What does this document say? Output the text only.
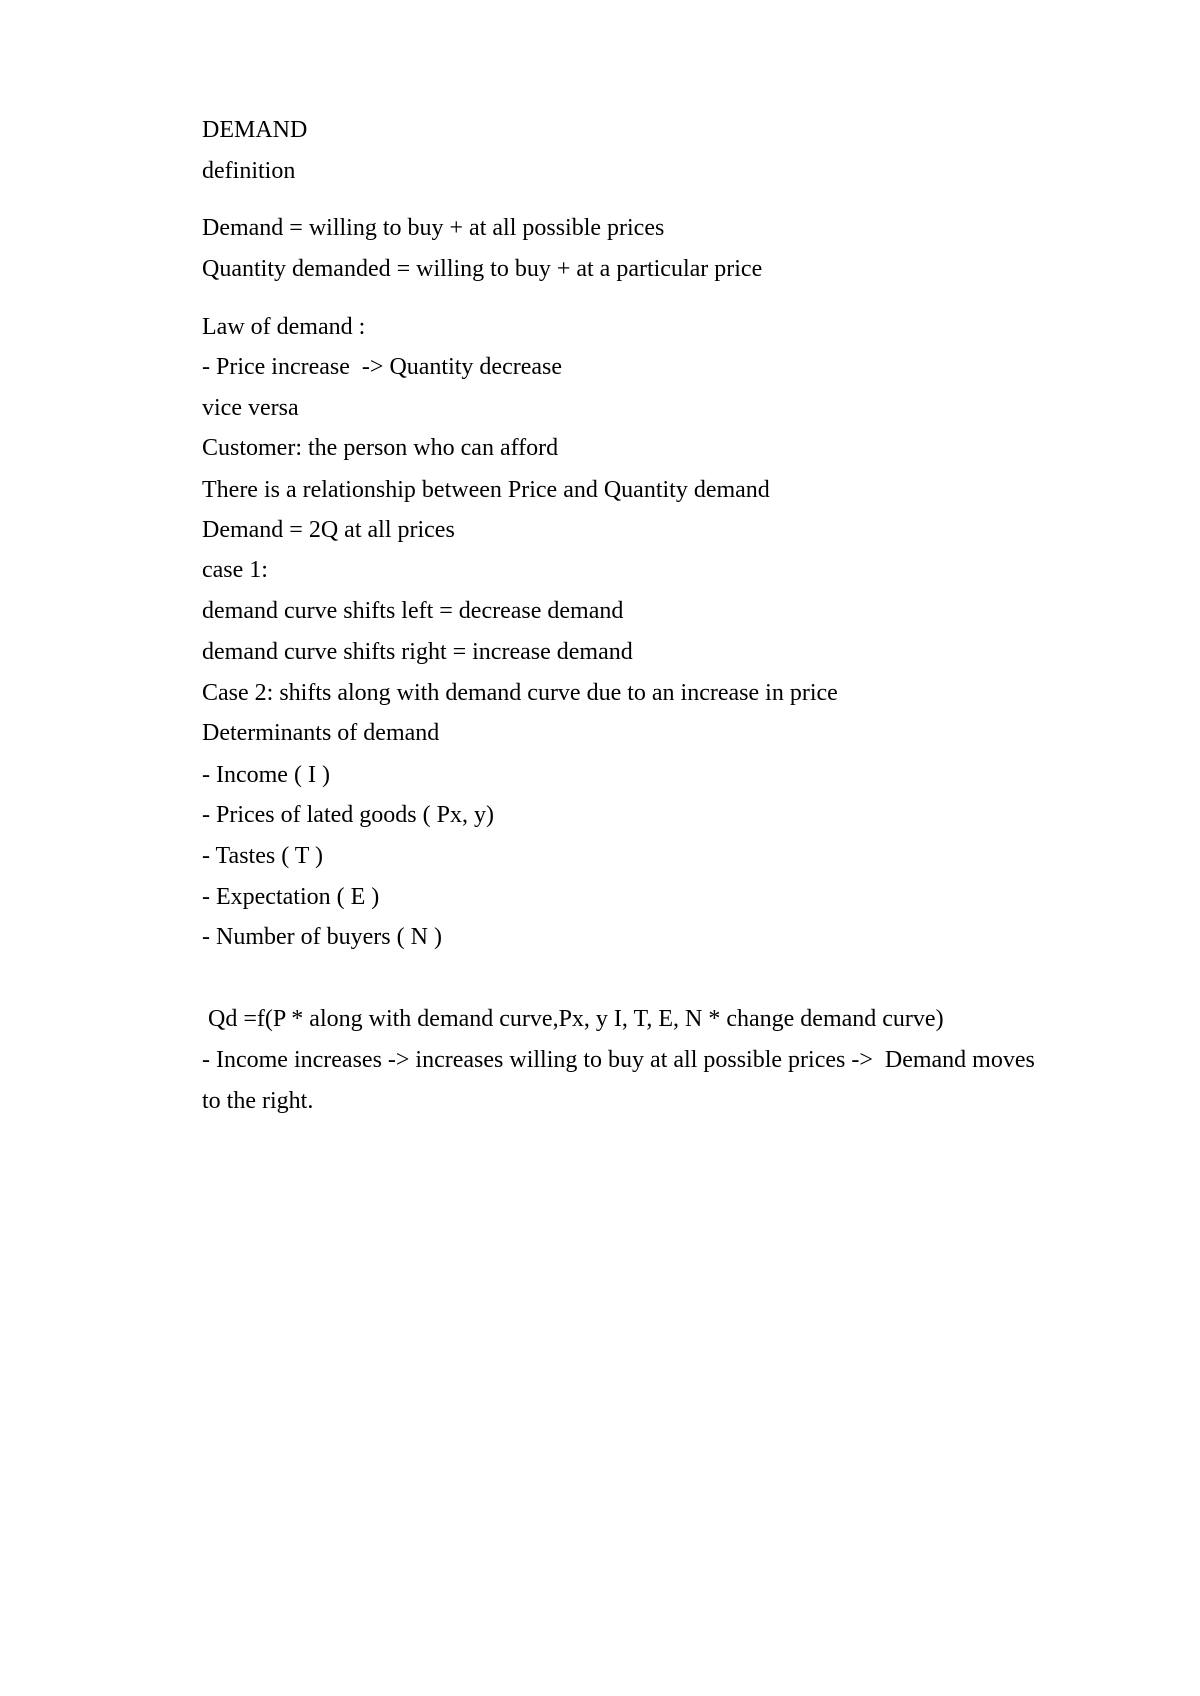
DEMAND
definition
Demand = willing to buy + at all possible prices
Quantity demanded = willing to buy + at a particular price
Law of demand :
- Price increase  -> Quantity decrease
vice versa
Customer: the person who can afford
There is a relationship between Price and Quantity demand
Demand = 2Q at all prices
case 1:
demand curve shifts left = decrease demand
demand curve shifts right = increase demand
Case 2: shifts along with demand curve due to an increase in price
Determinants of demand
- Income ( I )
- Prices of lated goods ( Px, y)
- Tastes ( T )
- Expectation ( E )
- Number of buyers ( N )
Qd =f(P * along with demand curve,Px, y I, T, E, N * change demand curve)
- Income increases -> increases willing to buy at all possible prices ->  Demand moves
to the right.
